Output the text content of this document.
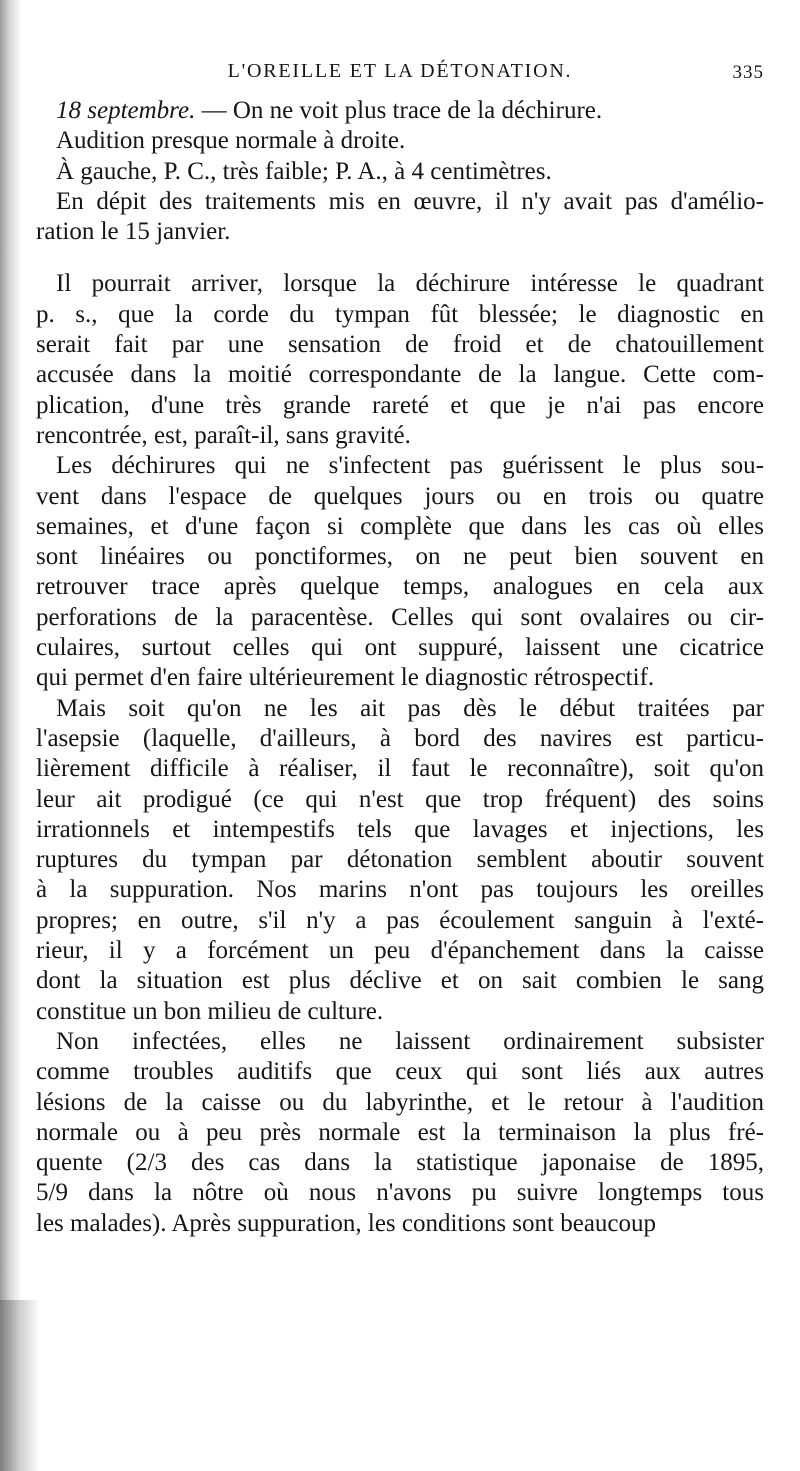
L'OREILLE ET LA DÉTONATION.	335
18 septembre. — On ne voit plus trace de la déchirure.
Audition presque normale à droite.
À gauche, P. C., très faible; P. A., à 4 centimètres.
En dépit des traitements mis en œuvre, il n'y avait pas d'amélio-
ration le 15 janvier.
Il pourrait arriver, lorsque la déchirure intéresse le quadrant
p. s., que la corde du tympan fût blessée; le diagnostic en
serait fait par une sensation de froid et de chatouillement
accusée dans la moitié correspondante de la langue. Cette com-
plication, d'une très grande rareté et que je n'ai pas encore
rencontrée, est, paraît-il, sans gravité.
Les déchirures qui ne s'infectent pas guérissent le plus sou-
vent dans l'espace de quelques jours ou en trois ou quatre
semaines, et d'une façon si complète que dans les cas où elles
sont linéaires ou ponctiformes, on ne peut bien souvent en
retrouver trace après quelque temps, analogues en cela aux
perforations de la paracentèse. Celles qui sont ovalaires ou cir-
culaires, surtout celles qui ont suppuré, laissent une cicatrice
qui permet d'en faire ultérieurement le diagnostic rétrospectif.
Mais soit qu'on ne les ait pas dès le début traitées par
l'asepsie (laquelle, d'ailleurs, à bord des navires est particu-
lièrement difficile à réaliser, il faut le reconnaître), soit qu'on
leur ait prodigué (ce qui n'est que trop fréquent) des soins
irrationnels et intempestifs tels que lavages et injections, les
ruptures du tympan par détonation semblent aboutir souvent
à la suppuration. Nos marins n'ont pas toujours les oreilles
propres; en outre, s'il n'y a pas écoulement sanguin à l'exté-
rieur, il y a forcément un peu d'épanchement dans la caisse
dont la situation est plus déclive et on sait combien le sang
constitue un bon milieu de culture.
Non infectées, elles ne laissent ordinairement subsister
comme troubles auditifs que ceux qui sont liés aux autres
lésions de la caisse ou du labyrinthe, et le retour à l'audition
normale ou à peu près normale est la terminaison la plus fré-
quente (2/3 des cas dans la statistique japonaise de 1895,
5/9 dans la nôtre où nous n'avons pu suivre longtemps tous
les malades). Après suppuration, les conditions sont beaucoup
